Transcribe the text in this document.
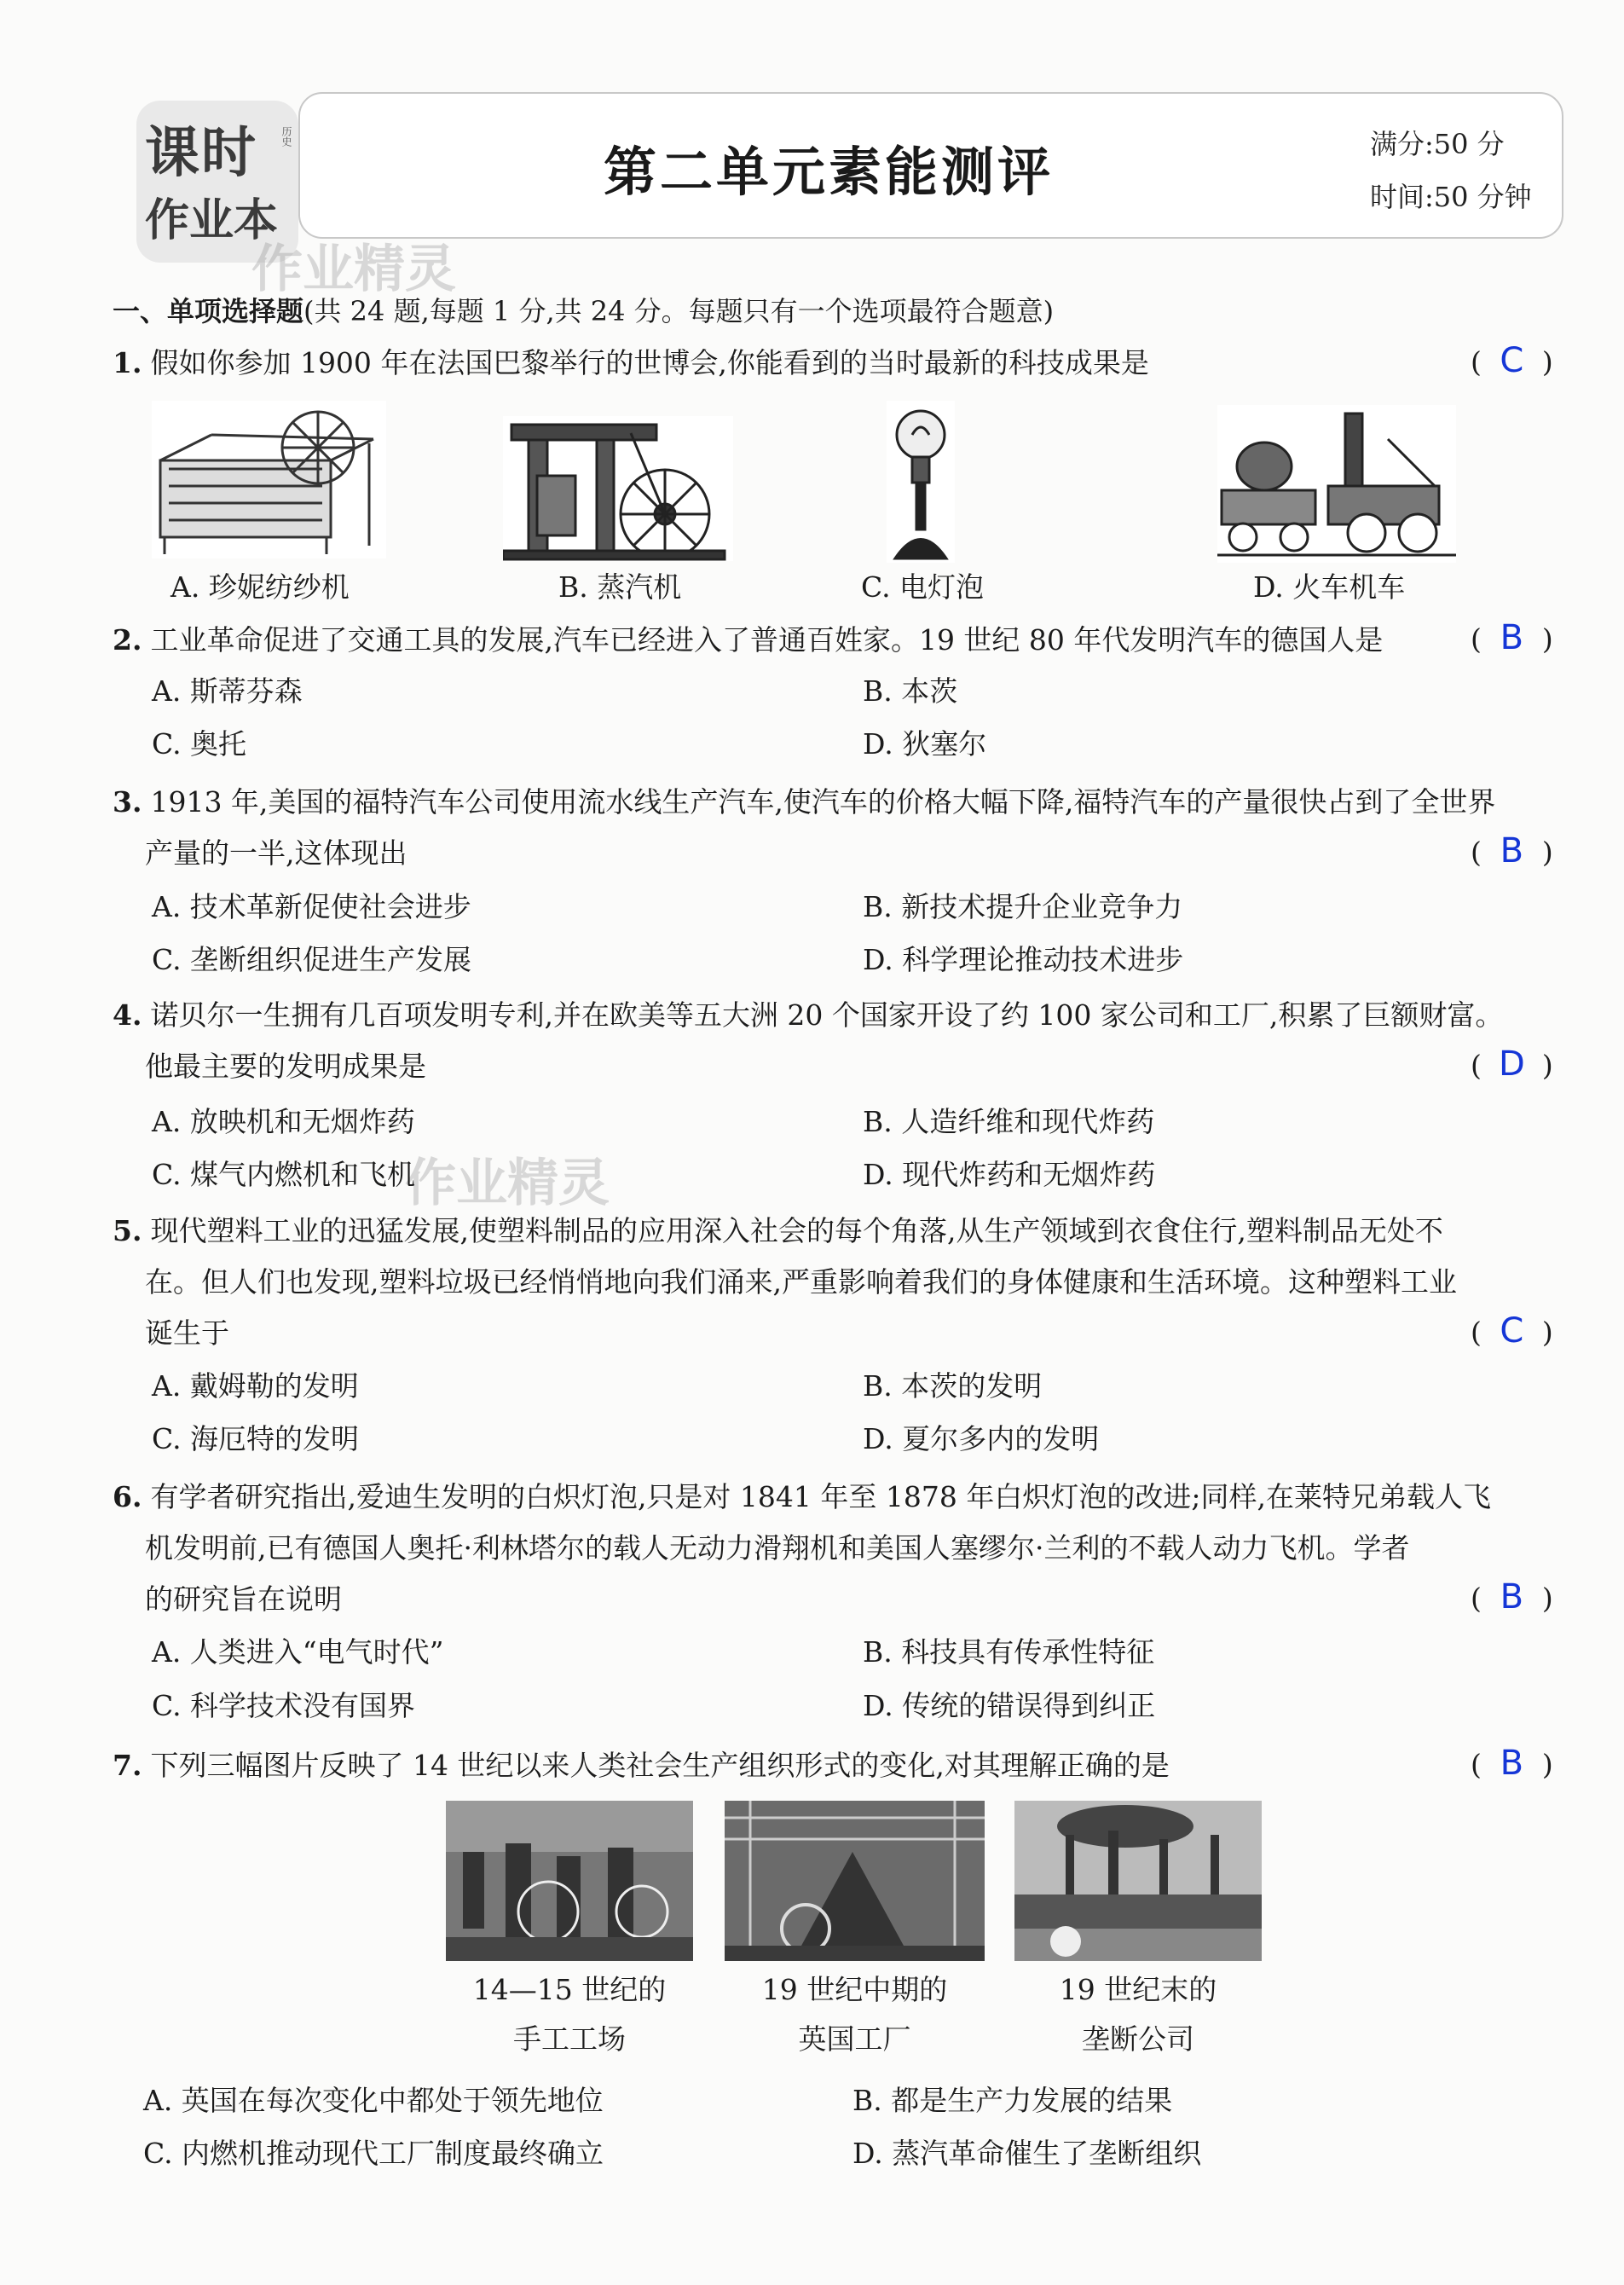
课时
作业本
历史
第二单元素能测评	满分:50 分
时间:50 分钟
作业精灵
作业精灵
一、单项选择题(共 24 题,每题 1 分,共 24 分。每题只有一个选项最符合题意)
1. 假如你参加 1900 年在法国巴黎举行的世博会,你能看到的当时最新的科技成果是	( C )
A. 珍妮纺纱机	B. 蒸汽机	C. 电灯泡	D. 火车机车
2. 工业革命促进了交通工具的发展,汽车已经进入了普通百姓家。19 世纪 80 年代发明汽车的德国人是	( B )
A. 斯蒂芬森	B. 本茨
C. 奥托	D. 狄塞尔
3. 1913 年,美国的福特汽车公司使用流水线生产汽车,使汽车的价格大幅下降,福特汽车的产量很快占到了全世界
产量的一半,这体现出	( B )
A. 技术革新促使社会进步	B. 新技术提升企业竞争力
C. 垄断组织促进生产发展	D. 科学理论推动技术进步
4. 诺贝尔一生拥有几百项发明专利,并在欧美等五大洲 20 个国家开设了约 100 家公司和工厂,积累了巨额财富。
他最主要的发明成果是	( D )
A. 放映机和无烟炸药	B. 人造纤维和现代炸药
C. 煤气内燃机和飞机	D. 现代炸药和无烟炸药
5. 现代塑料工业的迅猛发展,使塑料制品的应用深入社会的每个角落,从生产领域到衣食住行,塑料制品无处不
在。但人们也发现,塑料垃圾已经悄悄地向我们涌来,严重影响着我们的身体健康和生活环境。这种塑料工业
诞生于	( C )
A. 戴姆勒的发明	B. 本茨的发明
C. 海厄特的发明	D. 夏尔多内的发明
6. 有学者研究指出,爱迪生发明的白炽灯泡,只是对 1841 年至 1878 年白炽灯泡的改进;同样,在莱特兄弟载人飞
机发明前,已有德国人奥托·利林塔尔的载人无动力滑翔机和美国人塞缪尔·兰利的不载人动力飞机。学者
的研究旨在说明	( B )
A. 人类进入“电气时代”	B. 科技具有传承性特征
C. 科学技术没有国界	D. 传统的错误得到纠正
7. 下列三幅图片反映了 14 世纪以来人类社会生产组织形式的变化,对其理解正确的是	( B )
14—15 世纪的
手工工场
19 世纪中期的
英国工厂
19 世纪末的
垄断公司
A. 英国在每次变化中都处于领先地位	B. 都是生产力发展的结果
C. 内燃机推动现代工厂制度最终确立	D. 蒸汽革命催生了垄断组织
